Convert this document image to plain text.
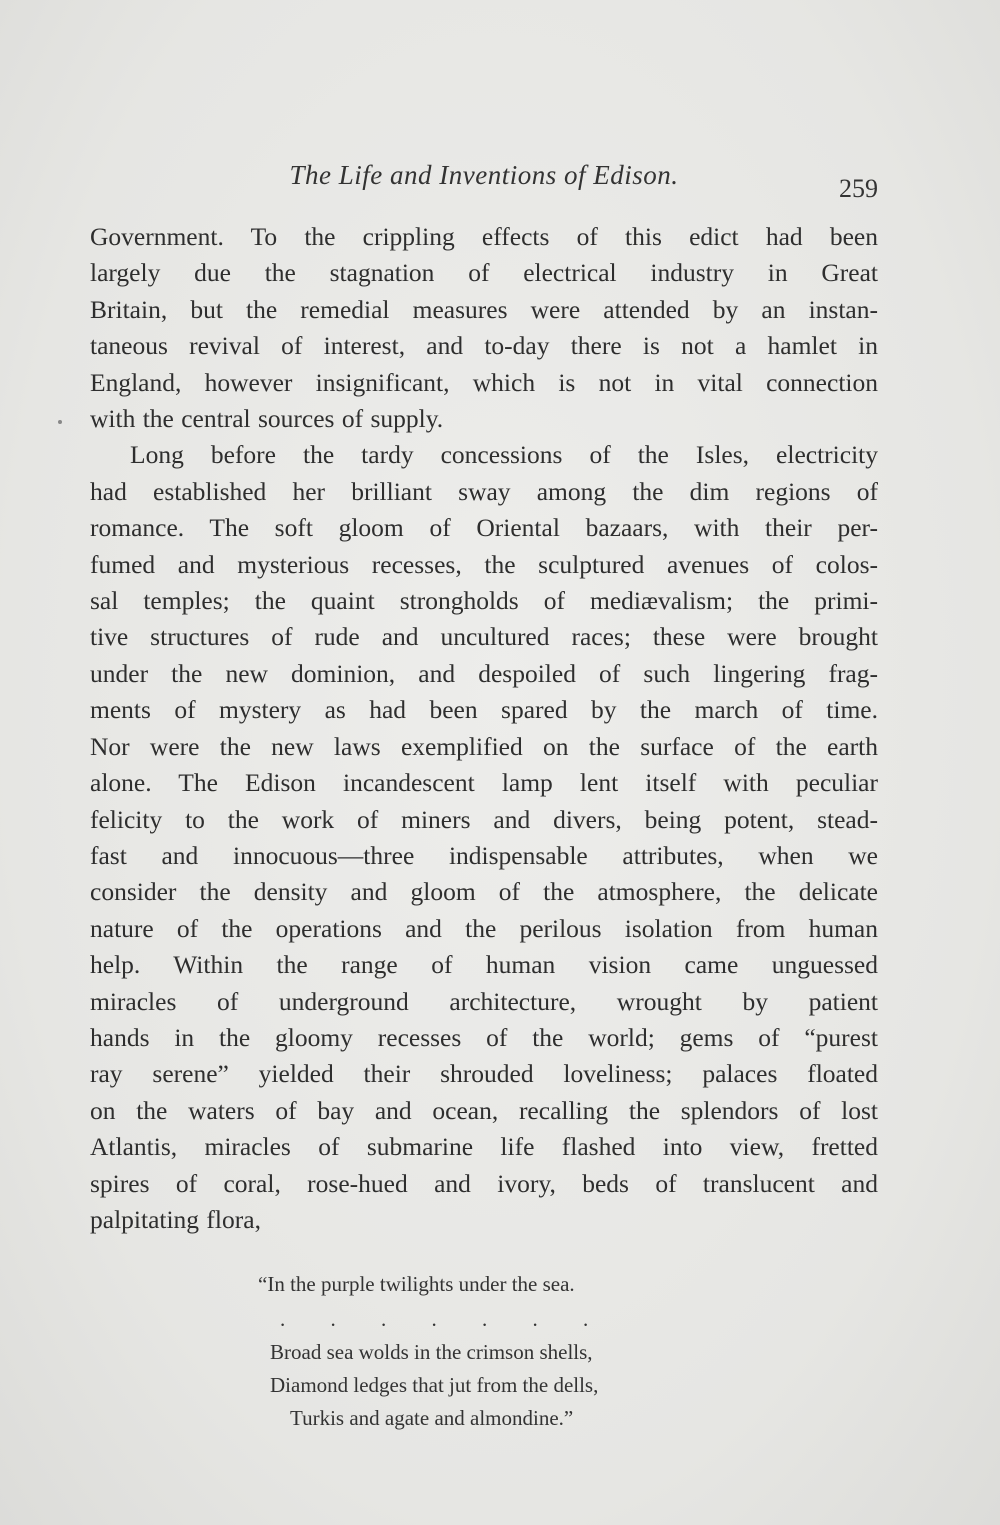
The Life and Inventions of Edison.	259

Government. To the crippling effects of this edict had been
largely due the stagnation of electrical industry in Great
Britain, but the remedial measures were attended by an instan-
taneous revival of interest, and to-day there is not a hamlet in
England, however insignificant, which is not in vital connection
with the central sources of supply.

Long before the tardy concessions of the Isles, electricity
had established her brilliant sway among the dim regions of
romance. The soft gloom of Oriental bazaars, with their per-
fumed and mysterious recesses, the sculptured avenues of colos-
sal temples; the quaint strongholds of mediævalism; the primi-
tive structures of rude and uncultured races; these were brought
under the new dominion, and despoiled of such lingering frag-
ments of mystery as had been spared by the march of time.
Nor were the new laws exemplified on the surface of the earth
alone. The Edison incandescent lamp lent itself with peculiar
felicity to the work of miners and divers, being potent, stead-
fast and innocuous—three indispensable attributes, when we
consider the density and gloom of the atmosphere, the delicate
nature of the operations and the perilous isolation from human
help. Within the range of human vision came unguessed
miracles of underground architecture, wrought by patient
hands in the gloomy recesses of the world; gems of “purest
ray serene” yielded their shrouded loveliness; palaces floated
on the waters of bay and ocean, recalling the splendors of lost
Atlantis, miracles of submarine life flashed into view, fretted
spires of coral, rose-hued and ivory, beds of translucent and
palpitating flora,

“In the purple twilights under the sea.
. . . . . . .
Broad sea wolds in the crimson shells,
Diamond ledges that jut from the dells,
Turkis and agate and almondine.”
